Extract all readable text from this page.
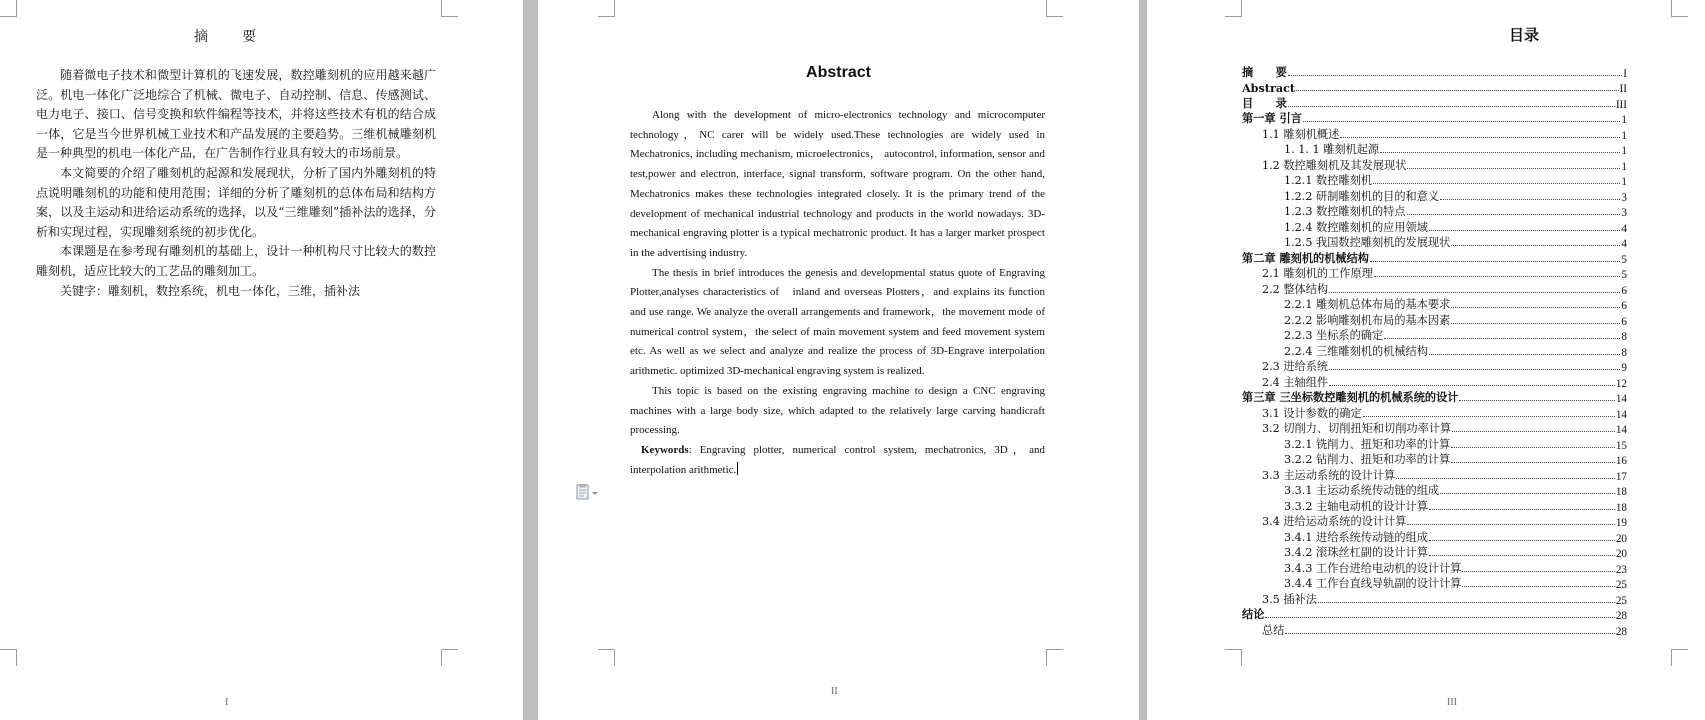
摘　要

随着微电子技术和微型计算机的飞速发展，数控雕刻机的应用越来越广泛。机电一体化广泛地综合了机械、微电子、自动控制、信息、传感测试、电力电子、接口、信号变换和软件编程等技术，并将这些技术有机的结合成一体，它是当今世界机械工业技术和产品发展的主要趋势。三维机械雕刻机是一种典型的机电一体化产品，在广告制作行业具有较大的市场前景。

本文简要的介绍了雕刻机的起源和发展现状，分析了国内外雕刻机的特点说明雕刻机的功能和使用范围；详细的分析了雕刻机的总体布局和结构方案，以及主运动和进给运动系统的选择，以及“三维雕刻”插补法的选择，分析和实现过程，实现雕刻系统的初步优化。

本课题是在参考现有雕刻机的基础上，设计一种机构尺寸比较大的数控雕刻机，适应比较大的工艺品的雕刻加工。

关键字：雕刻机，数控系统，机电一体化，三维，插补法

I
Abstract

Along with the development of micro-electronics technology and microcomputer technology，NC carer will be widely used.These technologies are widely used in Mechatronics, including mechanism, microelectronics， autocontrol, information, sensor and test,power and electron, interface, signal transform, software program. On the other hand, Mechatronics makes these technologies integrated closely. It is the primary trend of the development of mechanical industrial technology and products in the world nowadays. 3D- mechanical engraving plotter is a typical mechatronic product. It has a larger market prospect in the advertising industry.

The thesis in brief introduces the genesis and developmental status quote of Engraving Plotter,analyses characteristics of　inland and overseas Plotters，and explains its function and use range. We analyze the overall arrangements and framework，the movement mode of numerical control system，the select of main movement system and feed movement system etc. As well as we select and analyze and realize the process of 3D-Engrave interpolation arithmetic. optimized 3D-mechanical engraving system is realized.

This topic is based on the existing engraving machine to design a CNC engraving machines with a large body size, which adapted to the relatively large carving handicraft processing.

Keywords: Engraving plotter, numerical control system, mechatronics, 3D，and interpolation arithmetic.

II
目录
摘　　要	I
Abstract	II
目　　录	III
第一章 引言	1
1.1 雕刻机概述	1
1. 1. 1 雕刻机起源	1
1.2 数控雕刻机及其发展现状	1
1.2.1 数控雕刻机	1
1.2.2 研制雕刻机的目的和意义	3
1.2.3 数控雕刻机的特点	3
1.2.4 数控雕刻机的应用领域	4
1.2.5 我国数控雕刻机的发展现状	4
第二章 雕刻机的机械结构	5
2.1 雕刻机的工作原理	5
2.2 整体结构	6
2.2.1 雕刻机总体布局的基本要求	6
2.2.2 影响雕刻机布局的基本因素	6
2.2.3 坐标系的确定	8
2.2.4 三维雕刻机的机械结构	8
2.3 进给系统	9
2.4 主轴组件	12
第三章 三坐标数控雕刻机的机械系统的设计	14
3.1 设计参数的确定	14
3.2 切削力、切削扭矩和切削功率计算	14
3.2.1 铣削力、扭矩和功率的计算	15
3.2.2 钻削力、扭矩和功率的计算	16
3.3 主运动系统的设计计算	17
3.3.1 主运动系统传动链的组成	18
3.3.2 主轴电动机的设计计算	18
3.4 进给运动系统的设计计算	19
3.4.1 进给系统传动链的组成	20
3.4.2 滚珠丝杠副的设计计算	20
3.4.3 工作台进给电动机的设计计算	23
3.4.4 工作台直线导轨副的设计计算	25
3.5 插补法	25
结论	28
总结	28
III
